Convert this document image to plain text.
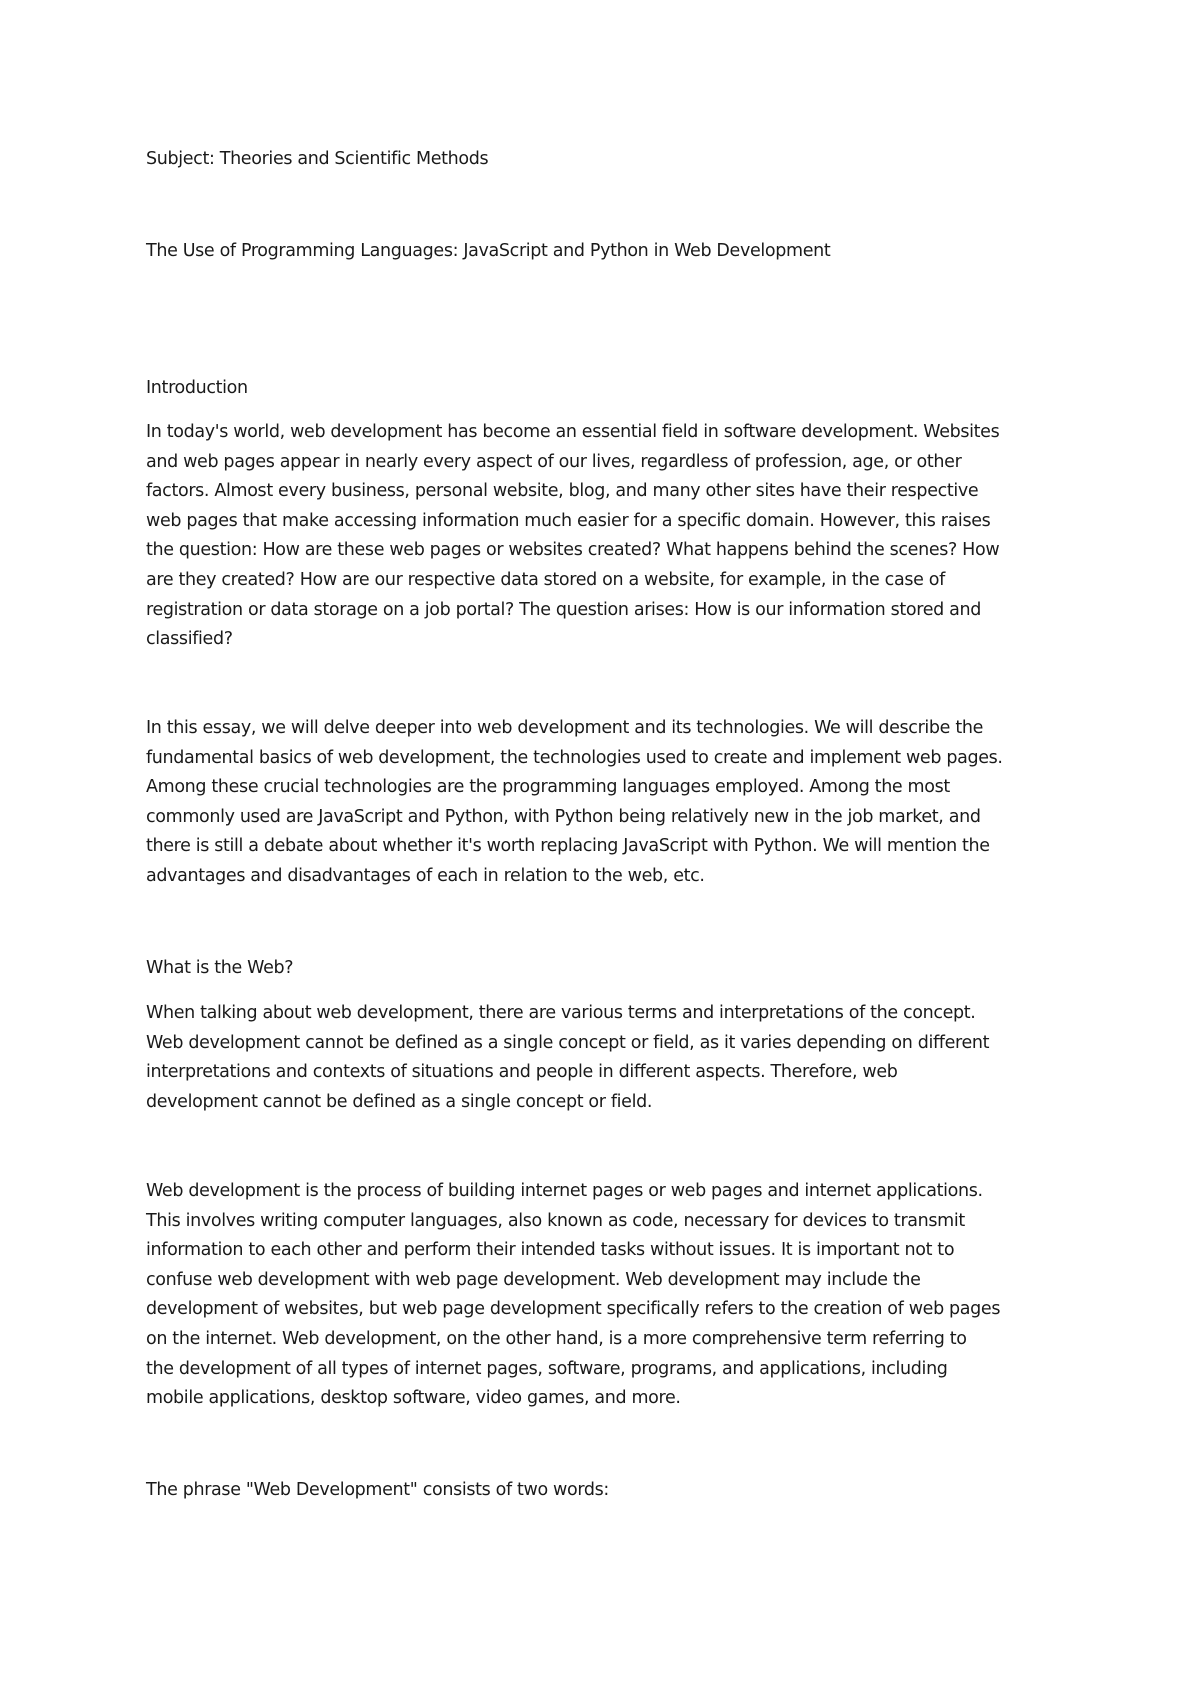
Subject: Theories and Scientific Methods

The Use of Programming Languages: JavaScript and Python in Web Development

Introduction

In today's world, web development has become an essential field in software development. Websites
and web pages appear in nearly every aspect of our lives, regardless of profession, age, or other
factors. Almost every business, personal website, blog, and many other sites have their respective
web pages that make accessing information much easier for a specific domain. However, this raises
the question: How are these web pages or websites created? What happens behind the scenes? How
are they created? How are our respective data stored on a website, for example, in the case of
registration or data storage on a job portal? The question arises: How is our information stored and
classified?
In this essay, we will delve deeper into web development and its technologies. We will describe the
fundamental basics of web development, the technologies used to create and implement web pages.
Among these crucial technologies are the programming languages employed. Among the most
commonly used are JavaScript and Python, with Python being relatively new in the job market, and
there is still a debate about whether it's worth replacing JavaScript with Python. We will mention the
advantages and disadvantages of each in relation to the web, etc.

What is the Web?

When talking about web development, there are various terms and interpretations of the concept.
Web development cannot be defined as a single concept or field, as it varies depending on different
interpretations and contexts of situations and people in different aspects. Therefore, web
development cannot be defined as a single concept or field.
Web development is the process of building internet pages or web pages and internet applications.
This involves writing computer languages, also known as code, necessary for devices to transmit
information to each other and perform their intended tasks without issues. It is important not to
confuse web development with web page development. Web development may include the
development of websites, but web page development specifically refers to the creation of web pages
on the internet. Web development, on the other hand, is a more comprehensive term referring to
the development of all types of internet pages, software, programs, and applications, including
mobile applications, desktop software, video games, and more.

The phrase "Web Development" consists of two words:
